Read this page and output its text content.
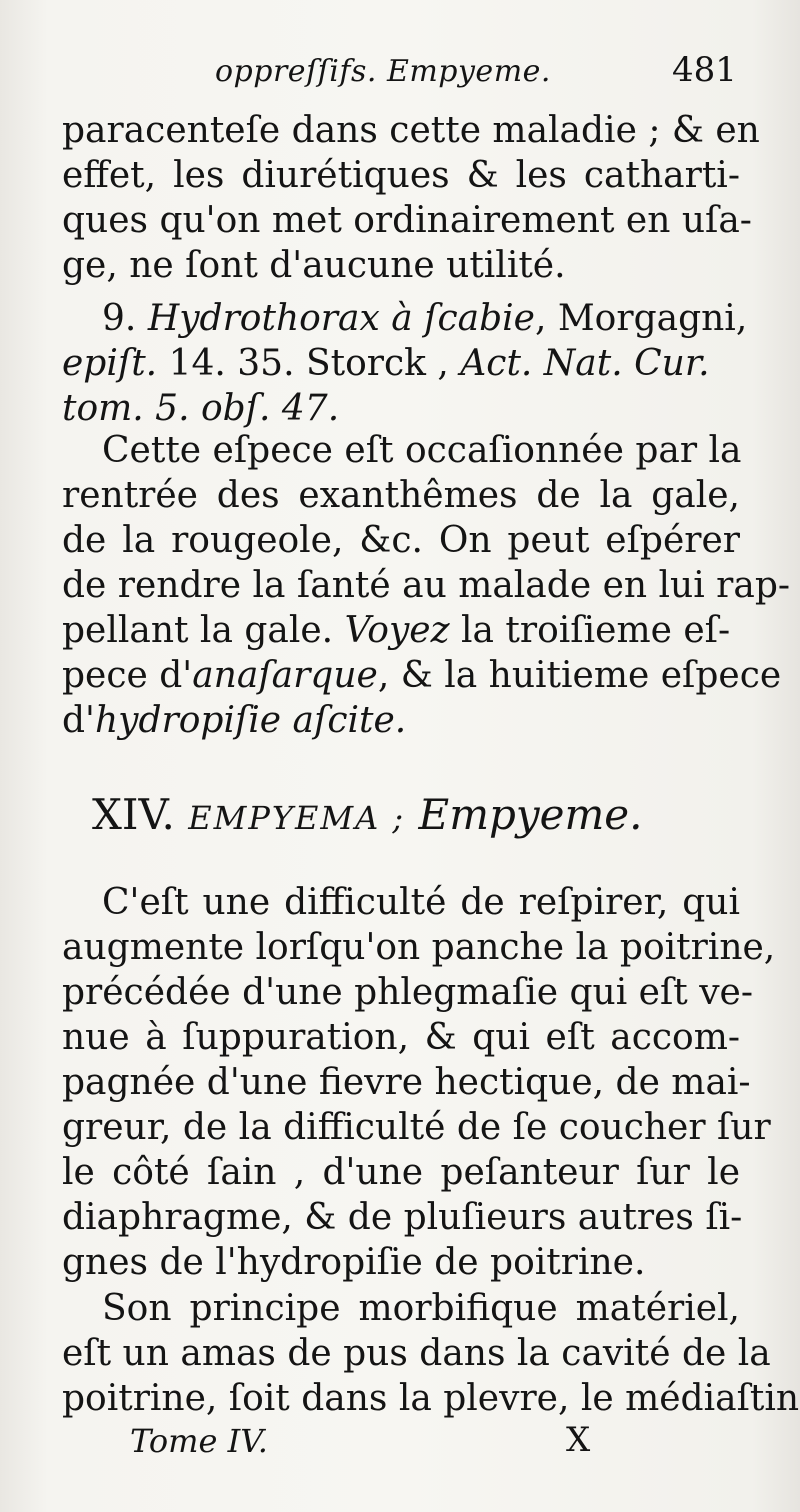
oppreſſifs. Empyeme.	481
paracenteſe dans cette maladie ; & en
effet, les diurétiques & les catharti-
ques qu'on met ordinairement en uſa-
ge, ne ſont d'aucune utilité.
9. Hydrothorax à ſcabie, Morgagni,
epiſt. 14. 35. Storck , Act. Nat. Cur.
tom. 5. obſ. 47.
Cette eſpece eſt occaſionnée par la
rentrée des exanthêmes de la gale,
de la rougeole, &c. On peut eſpérer
de rendre la ſanté au malade en lui rap-
pellant la gale. Voyez la troiſieme eſ-
pece d'anaſarque, & la huitieme eſpece
d'hydropiſie aſcite.
XIV. EMPYEMA ; Empyeme.
C'eſt une difficulté de reſpirer, qui
augmente lorſqu'on panche la poitrine,
précédée d'une phlegmaſie qui eſt ve-
nue à ſuppuration, & qui eſt accom-
pagnée d'une fievre hectique, de mai-
greur, de la difficulté de ſe coucher ſur
le côté ſain , d'une peſanteur ſur le
diaphragme, & de pluſieurs autres ſi-
gnes de l'hydropiſie de poitrine.
Son principe morbifique matériel,
eſt un amas de pus dans la cavité de la
poitrine, ſoit dans la plevre, le médiaſtin
Tome IV.	X
